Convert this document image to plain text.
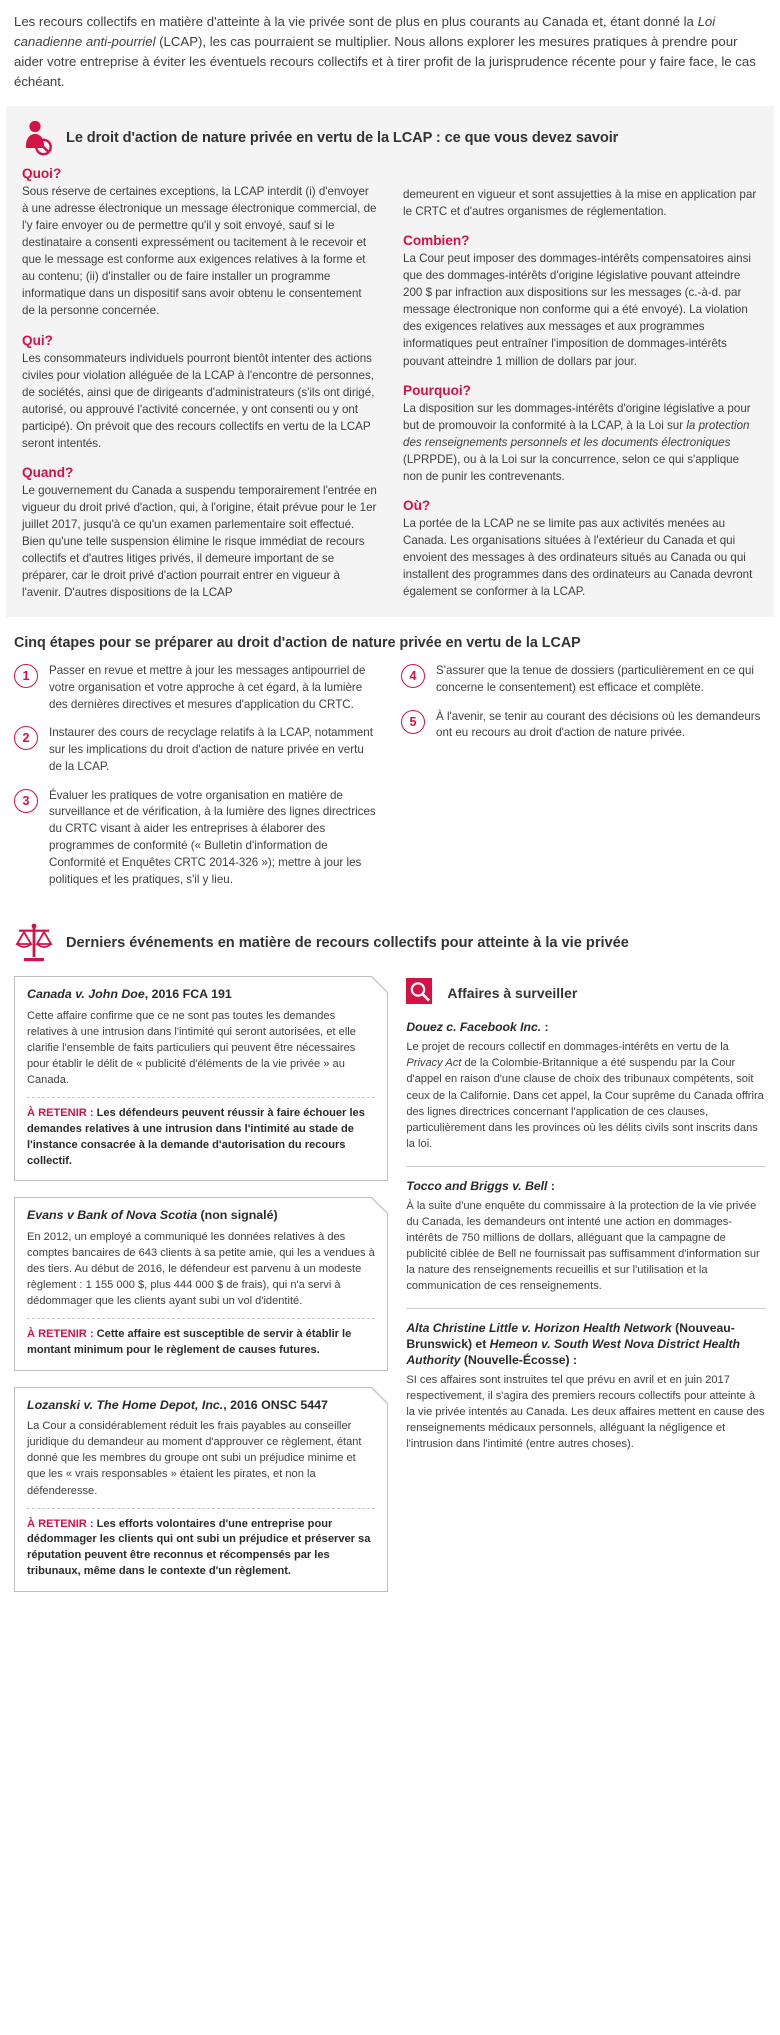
Les recours collectifs en matière d'atteinte à la vie privée sont de plus en plus courants au Canada et, étant donné la Loi canadienne anti-pourriel (LCAP), les cas pourraient se multiplier. Nous allons explorer les mesures pratiques à prendre pour aider votre entreprise à éviter les éventuels recours collectifs et à tirer profit de la jurisprudence récente pour y faire face, le cas échéant.
Le droit d'action de nature privée en vertu de la LCAP : ce que vous devez savoir
Quoi?

Sous réserve de certaines exceptions, la LCAP interdit (i) d'envoyer à une adresse électronique un message électronique commercial, de l'y faire envoyer ou de permettre qu'il y soit envoyé, sauf si le destinataire a consenti expressément ou tacitement à le recevoir et que le message est conforme aux exigences relatives à la forme et au contenu; (ii) d'installer ou de faire installer un programme informatique dans un dispositif sans avoir obtenu le consentement de la personne concernée.

Qui?

Les consommateurs individuels pourront bientôt intenter des actions civiles pour violation alléguée de la LCAP à l'encontre de personnes, de sociétés, ainsi que de dirigeants d'administrateurs (s'ils ont dirigé, autorisé, ou approuvé l'activité concernée, y ont consenti ou y ont participé). On prévoit que des recours collectifs en vertu de la LCAP seront intentés.

Quand?

Le gouvernement du Canada a suspendu temporairement l'entrée en vigueur du droit privé d'action, qui, à l'origine, était prévue pour le 1er juillet 2017, jusqu'à ce qu'un examen parlementaire soit effectué. Bien qu'une telle suspension élimine le risque immédiat de recours collectifs et d'autres litiges privés, il demeure important de se préparer, car le droit privé d'action pourrait entrer en vigueur à l'avenir. D'autres dispositions de la LCAP

demeurent en vigueur et sont assujetties à la mise en application par le CRTC et d'autres organismes de réglementation.

Combien?

La Cour peut imposer des dommages-intérêts compensatoires ainsi que des dommages-intérêts d'origine législative pouvant atteindre 200 $ par infraction aux dispositions sur les messages (c.-à-d. par message électronique non conforme qui a été envoyé). La violation des exigences relatives aux messages et aux programmes informatiques peut entraîner l'imposition de dommages-intérêts pouvant atteindre 1 million de dollars par jour.

Pourquoi?

La disposition sur les dommages-intérêts d'origine législative a pour but de promouvoir la conformité à la LCAP, à la Loi sur la protection des renseignements personnels et les documents électroniques (LPRPDE), ou à la Loi sur la concurrence, selon ce qui s'applique non de punir les contrevenants.

Où?

La portée de la LCAP ne se limite pas aux activités menées au Canada. Les organisations situées à l'extérieur du Canada et qui envoient des messages à des ordinateurs situés au Canada ou qui installent des programmes dans des ordinateurs au Canada devront également se conformer à la LCAP.

Cinq étapes pour se préparer au droit d'action de nature privée en vertu de la LCAP
1	Passer en revue et mettre à jour les messages antipourriel de votre organisation et votre approche à cet égard, à la lumière des dernières directives et mesures d'application du CRTC.
2	Instaurer des cours de recyclage relatifs à la LCAP, notamment sur les implications du droit d'action de nature privée en vertu de la LCAP.
3	Évaluer les pratiques de votre organisation en matière de surveillance et de vérification, à la lumière des lignes directrices du CRTC visant à aider les entreprises à élaborer des programmes de conformité (« Bulletin d'information de Conformité et Enquêtes CRTC 2014-326 »); mettre à jour les politiques et les pratiques, s'il y lieu.
4	S'assurer que la tenue de dossiers (particulièrement en ce qui concerne le consentement) est efficace et complète.
5	À l'avenir, se tenir au courant des décisions où les demandeurs ont eu recours au droit d'action de nature privée.
Derniers événements en matière de recours collectifs pour atteinte à la vie privée
Canada v. John Doe, 2016 FCA 191
Cette affaire confirme que ce ne sont pas toutes les demandes relatives à une intrusion dans l'intimité qui seront autorisées, et elle clarifie l'ensemble de faits particuliers qui peuvent être nécessaires pour établir le délit de « publicité d'éléments de la vie privée » au Canada.
À RETENIR : Les défendeurs peuvent réussir à faire échouer les demandes relatives à une intrusion dans l'intimité au stade de l'instance consacrée à la demande d'autorisation du recours collectif.
Evans v Bank of Nova Scotia (non signalé)
En 2012, un employé a communiqué les données relatives à des comptes bancaires de 643 clients à sa petite amie, qui les a vendues à des tiers. Au début de 2016, le défendeur est parvenu à un modeste règlement : 1 155 000 $, plus 444 000 $ de frais), qui n'a servi à dédommager que les clients ayant subi un vol d'identité.
À RETENIR : Cette affaire est susceptible de servir à établir le montant minimum pour le règlement de causes futures.
Lozanski v. The Home Depot, Inc., 2016 ONSC 5447
La Cour a considérablement réduit les frais payables au conseiller juridique du demandeur au moment d'approuver ce règlement, étant donné que les membres du groupe ont subi un préjudice minime et que les « vrais responsables » étaient les pirates, et non la défenderesse.
À RETENIR : Les efforts volontaires d'une entreprise pour dédommager les clients qui ont subi un préjudice et préserver sa réputation peuvent être reconnus et récompensés par les tribunaux, même dans le contexte d'un règlement.
Affaires à surveiller
Douez c. Facebook Inc. :
Le projet de recours collectif en dommages-intérêts en vertu de la Privacy Act de la Colombie-Britannique a été suspendu par la Cour d'appel en raison d'une clause de choix des tribunaux compétents, soit ceux de la Californie. Dans cet appel, la Cour suprême du Canada offrira des lignes directrices concernant l'application de ces clauses, particulièrement dans les provinces où les délits civils sont inscrits dans la loi.
Tocco and Briggs v. Bell :
À la suite d'une enquête du commissaire à la protection de la vie privée du Canada, les demandeurs ont intenté une action en dommages-intérêts de 750 millions de dollars, alléguant que la campagne de publicité ciblée de Bell ne fournissait pas suffisamment d'information sur la nature des renseignements recueillis et sur l'utilisation et la communication de ces renseignements.
Alta Christine Little v. Horizon Health Network (Nouveau-Brunswick) et Hemeon v. South West Nova District Health Authority (Nouvelle-Écosse) :
SI ces affaires sont instruites tel que prévu en avril et en juin 2017 respectivement, il s'agira des premiers recours collectifs pour atteinte à la vie privée intentés au Canada. Les deux affaires mettent en cause des renseignements médicaux personnels, alléguant la négligence et l'intrusion dans l'intimité (entre autres choses).
